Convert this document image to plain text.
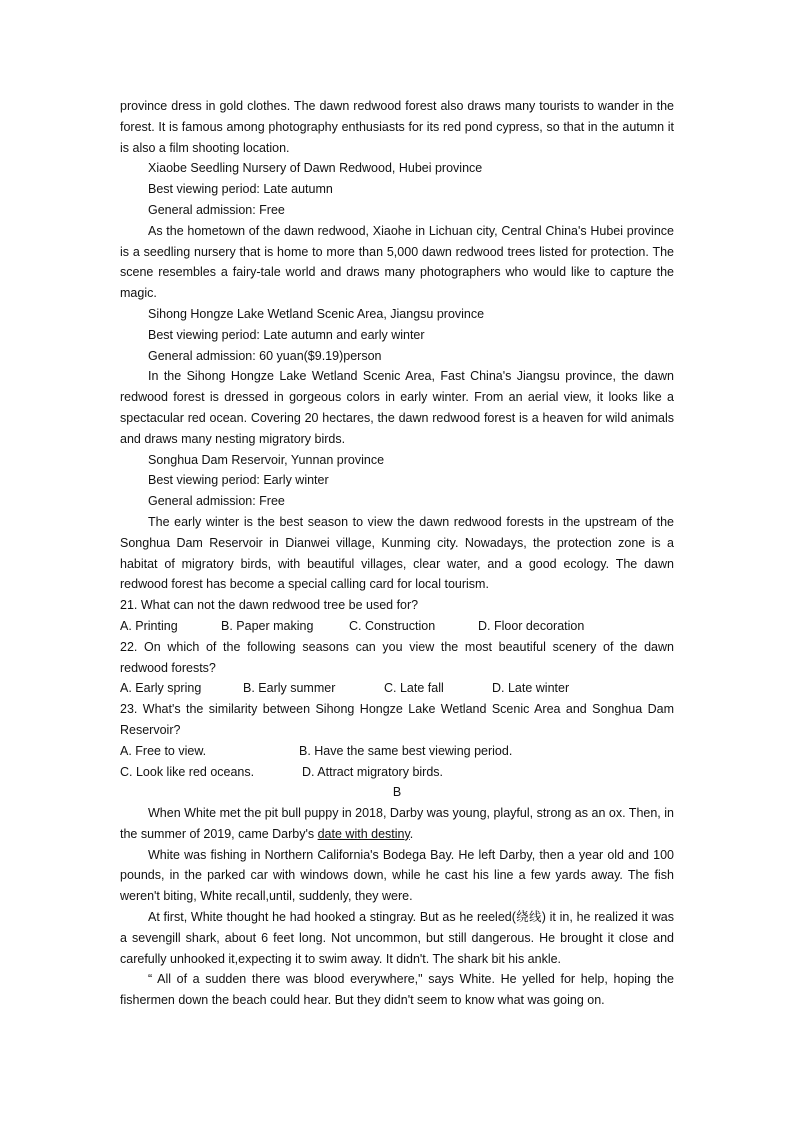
province dress in gold clothes. The dawn redwood forest also draws many tourists to wander in the forest. It is famous among photography enthusiasts for its red pond cypress, so that in the autumn it is also a film shooting location.

Xiaobe Seedling Nursery of Dawn Redwood, Hubei province

Best viewing period: Late autumn

General admission: Free

As the hometown of the dawn redwood, Xiaohe in Lichuan city, Central China's Hubei province is a seedling nursery that is home to more than 5,000 dawn redwood trees listed for protection. The scene resembles a fairy-tale world and draws many photographers who would like to capture the magic.

Sihong Hongze Lake Wetland Scenic Area, Jiangsu province

Best viewing period: Late autumn and early winter

General admission: 60 yuan($9.19)person

In the Sihong Hongze Lake Wetland Scenic Area, Fast China's Jiangsu province, the dawn redwood forest is dressed in gorgeous colors in early winter. From an aerial view, it looks like a spectacular red ocean. Covering 20 hectares, the dawn redwood forest is a heaven for wild animals and draws many nesting migratory birds.

Songhua Dam Reservoir, Yunnan province

Best viewing period: Early winter

General admission: Free

The early winter is the best season to view the dawn redwood forests in the upstream of the Songhua Dam Reservoir in Dianwei village, Kunming city. Nowadays, the protection zone is a habitat of migratory birds, with beautiful villages, clear water, and a good ecology. The dawn redwood forest has become a special calling card for local tourism.

21. What can not the dawn redwood tree be used for?

A. Printing	B. Paper making	C. Construction	D. Floor decoration

22. On which of the following seasons can you view the most beautiful scenery of the dawn redwood forests?

A. Early spring	B. Early summer	C. Late fall	D. Late winter

23. What's the similarity between Sihong Hongze Lake Wetland Scenic Area and Songhua Dam Reservoir?

A. Free to view.	B. Have the same best viewing period.
C. Look like red oceans.	D. Attract migratory birds.

B

When White met the pit bull puppy in 2018, Darby was young, playful, strong as an ox. Then, in the summer of 2019, came Darby's date with destiny.

White was fishing in Northern California's Bodega Bay. He left Darby, then a year old and 100 pounds, in the parked car with windows down, while he cast his line a few yards away. The fish weren't biting, White recall,until, suddenly, they were.

At first, White thought he had hooked a stingray. But as he reeled(绕线) it in, he realized it was a sevengill shark, about 6 feet long. Not uncommon, but still dangerous. He brought it close and carefully unhooked it,expecting it to swim away. It didn't. The shark bit his ankle.

“ All of a sudden there was blood everywhere," says White. He yelled for help, hoping the fishermen down the beach could hear. But they didn't seem to know what was going on.
